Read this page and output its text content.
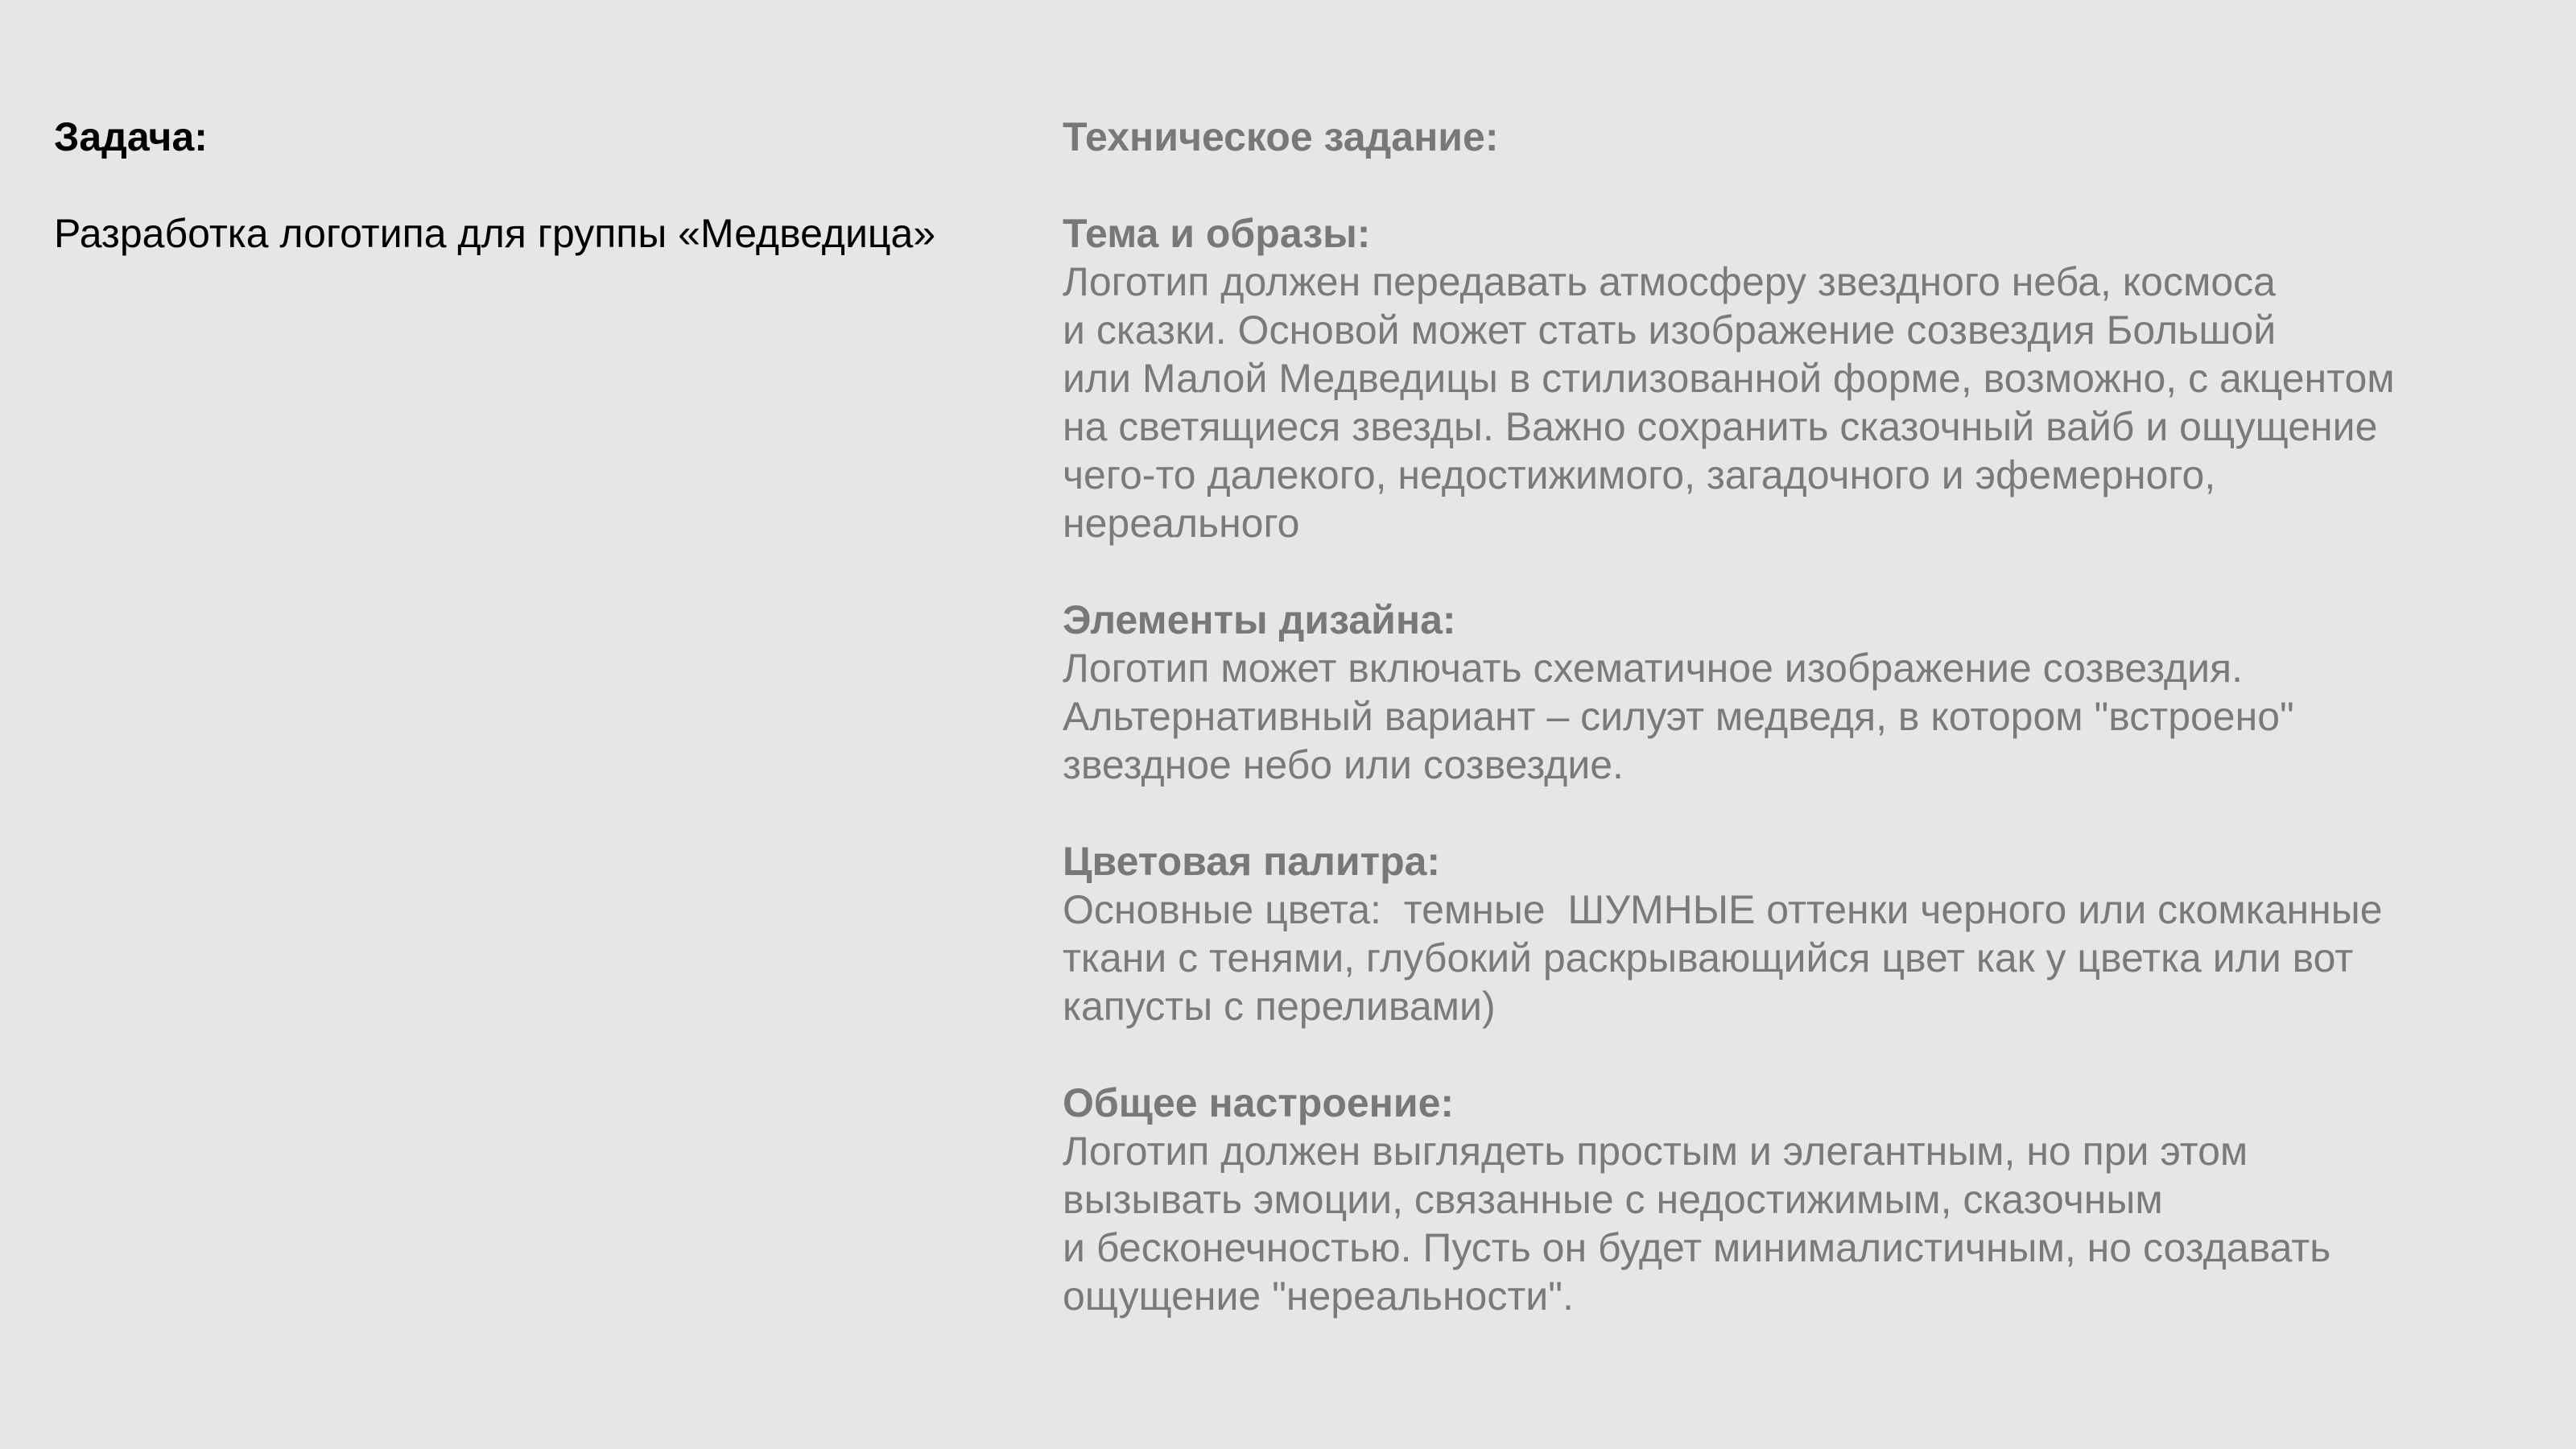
Задача:
Разработка логотипа для группы «Медведица»
Техническое задание:
Тема и образы:
Логотип должен передавать атмосферу звездного неба, космоса
и сказки. Основой может стать изображение созвездия Большой
или Малой Медведицы в стилизованной форме, возможно, с акцентом
на светящиеся звезды. Важно сохранить сказочный вайб и ощущение
чего-то далекого, недостижимого, загадочного и эфемерного,
нереального
Элементы дизайна:
Логотип может включать схематичное изображение созвездия.
Альтернативный вариант – силуэт медведя, в котором "встроено"
звездное небо или созвездие.
Цветовая палитра:
Основные цвета:  темные  ШУМНЫЕ оттенки черного или скомканные
ткани с тенями, глубокий раскрывающийся цвет как у цветка или вот
капусты с переливами)
Общее настроение:
Логотип должен выглядеть простым и элегантным, но при этом
вызывать эмоции, связанные с недостижимым, сказочным
и бесконечностью. Пусть он будет минималистичным, но создавать
ощущение "нереальности".
